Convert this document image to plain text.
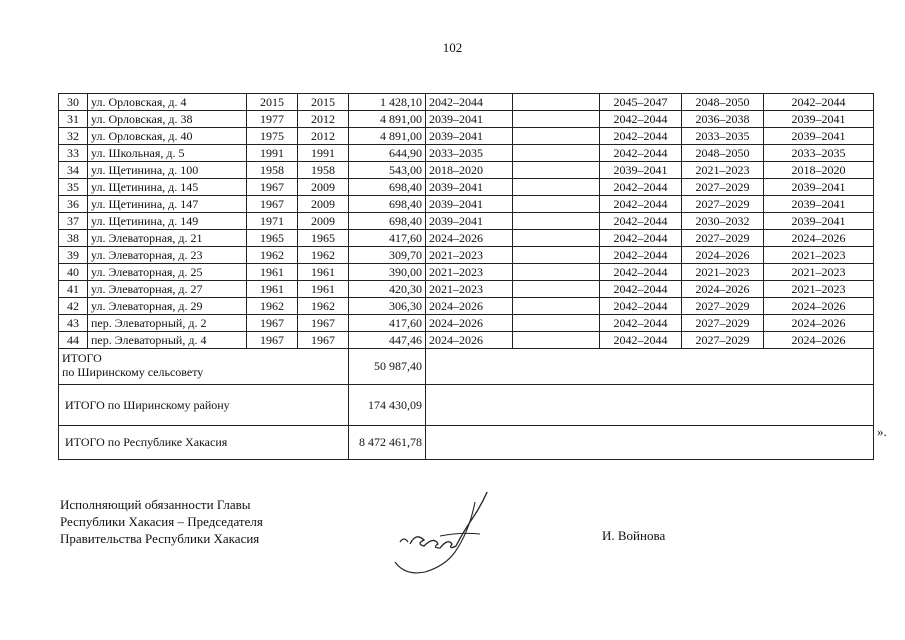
102
30	ул. Орловская, д. 4	2015	2015	1 428,10	2042–2044		2045–2047	2048–2050	2042–2044
31	ул. Орловская, д. 38	1977	2012	4 891,00	2039–2041		2042–2044	2036–2038	2039–2041
32	ул. Орловская, д. 40	1975	2012	4 891,00	2039–2041		2042–2044	2033–2035	2039–2041
33	ул. Школьная, д. 5	1991	1991	644,90	2033–2035		2042–2044	2048–2050	2033–2035
34	ул. Щетинина, д. 100	1958	1958	543,00	2018–2020		2039–2041	2021–2023	2018–2020
35	ул. Щетинина, д. 145	1967	2009	698,40	2039–2041		2042–2044	2027–2029	2039–2041
36	ул. Щетинина, д. 147	1967	2009	698,40	2039–2041		2042–2044	2027–2029	2039–2041
37	ул. Щетинина, д. 149	1971	2009	698,40	2039–2041		2042–2044	2030–2032	2039–2041
38	ул. Элеваторная, д. 21	1965	1965	417,60	2024–2026		2042–2044	2027–2029	2024–2026
39	ул. Элеваторная, д. 23	1962	1962	309,70	2021–2023		2042–2044	2024–2026	2021–2023
40	ул. Элеваторная, д. 25	1961	1961	390,00	2021–2023		2042–2044	2021–2023	2021–2023
41	ул. Элеваторная, д. 27	1961	1961	420,30	2021–2023		2042–2044	2024–2026	2021–2023
42	ул. Элеваторная, д. 29	1962	1962	306,30	2024–2026		2042–2044	2027–2029	2024–2026
43	пер. Элеваторный, д. 2	1967	1967	417,60	2024–2026		2042–2044	2027–2029	2024–2026
44	пер. Элеваторный, д. 4	1967	1967	447,46	2024–2026		2042–2044	2027–2029	2024–2026

ИТОГО
по Ширинскому сельсовету				50 987,40					
ИТОГО по Ширинскому району				174 430,09					
ИТОГО по Республике Хакасия				8 472 461,78					
».
Исполняющий обязанности Главы
Республики Хакасия – Председателя
Правительства Республики Хакасия	И. Войнова
